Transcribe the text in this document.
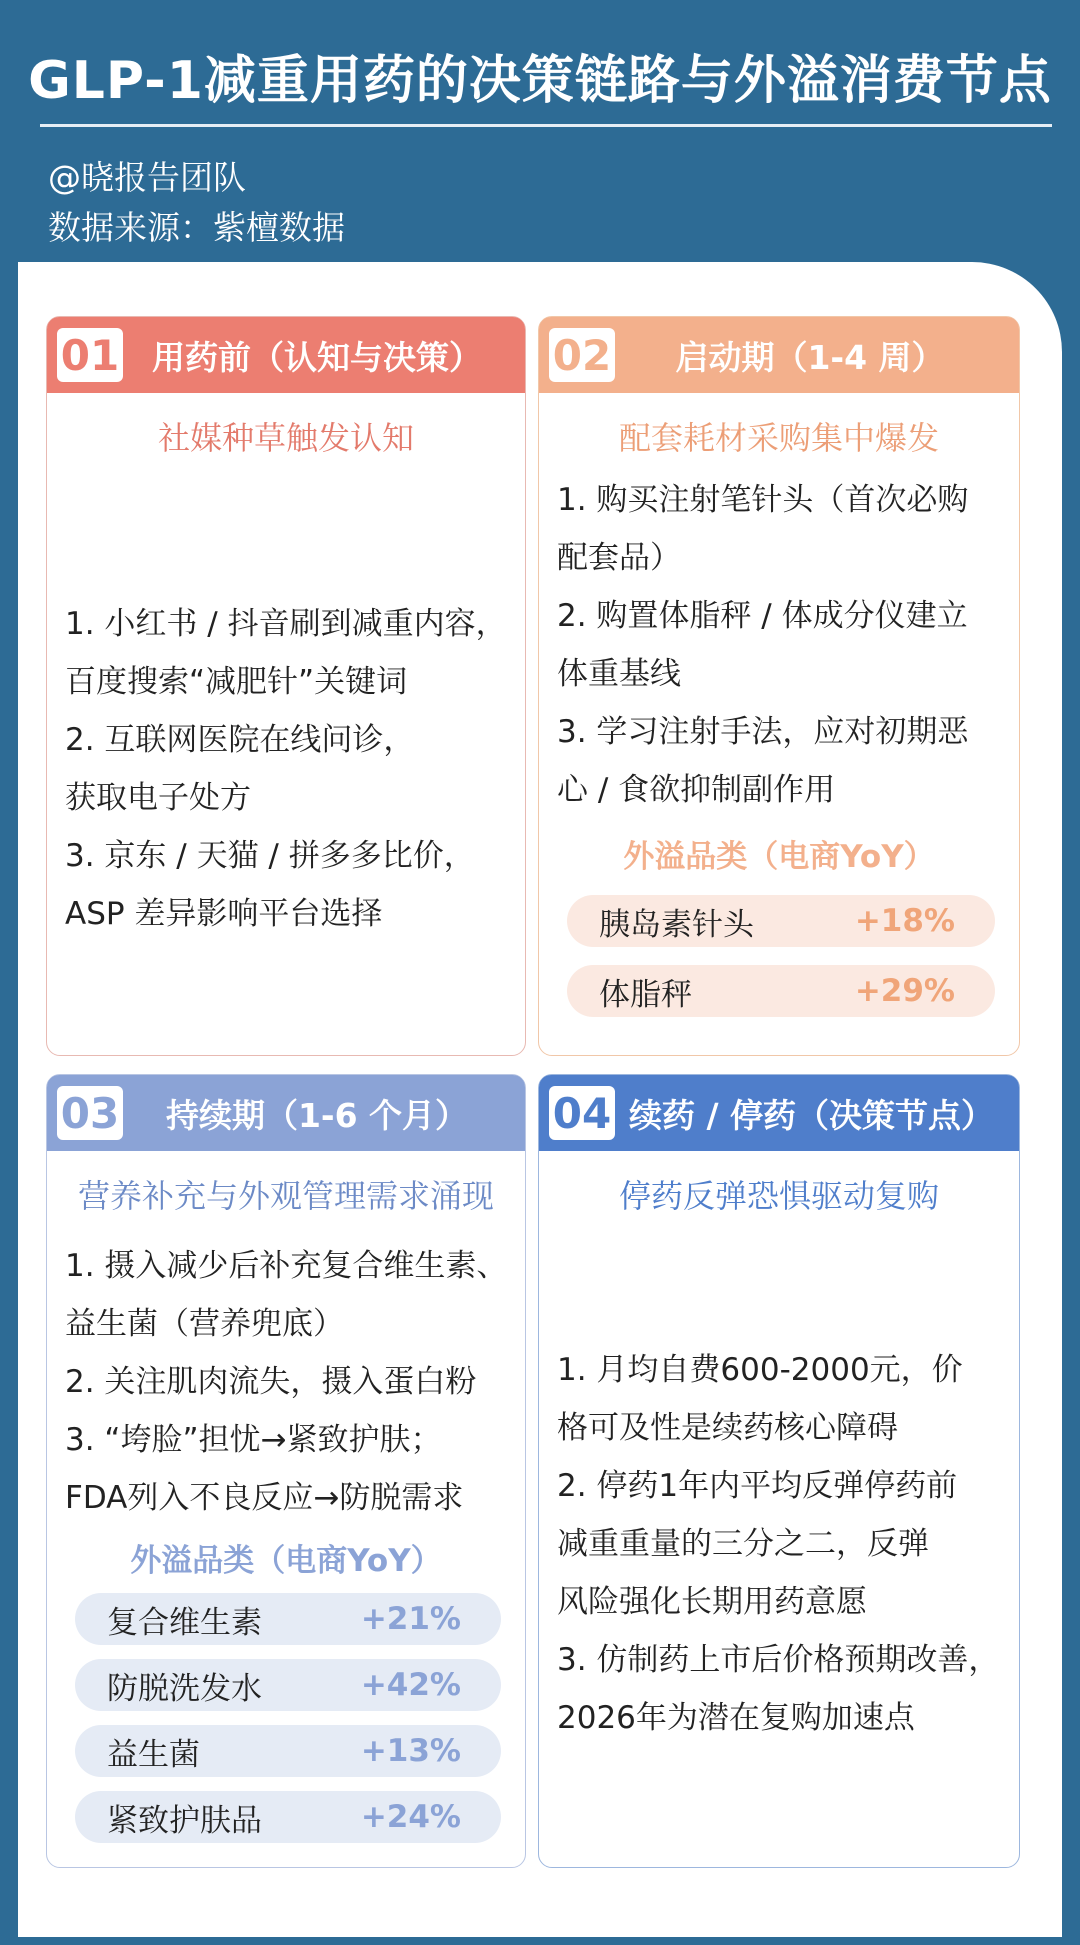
GLP-1减重用药的决策链路与外溢消费节点
@晓报告团队
数据来源：紫檀数据
01 用药前（认知与决策）
社媒种草触发认知

1. 小红书 / 抖音刷到减重内容，
百度搜索“减肥针”关键词

2. 互联网医院在线问诊，
获取电子处方

3. 京东 / 天猫 / 拼多多比价，
ASP 差异影响平台选择

02	启动期（1-4 周）
配套耗材采购集中爆发

1. 购买注射笔针头（首次必购
配套品）

2. 购置体脂秤 / 体成分仪建立
体重基线

3. 学习注射手法，应对初期恶
心 / 食欲抑制副作用

外溢品类（电商YoY）
胰岛素针头	+18%
体脂秤	+29%
03	持续期（1-6 个月）
营养补充与外观管理需求涌现

1. 摄入减少后补充复合维生素、
益生菌（营养兜底）

2. 关注肌肉流失，摄入蛋白粉

3. “垮脸”担忧→紧致护肤；
FDA列入不良反应→防脱需求

外溢品类（电商YoY）
复合维生素	+21%
防脱洗发水	+42%
益生菌	+13%
紧致护肤品	+24%
04 续药 / 停药（决策节点）
停药反弹恐惧驱动复购

1. 月均自费600-2000元，价
格可及性是续药核心障碍

2. 停药1年内平均反弹停药前
减重重量的三分之二，反弹
风险强化长期用药意愿

3. 仿制药上市后价格预期改善，
2026年为潜在复购加速点
